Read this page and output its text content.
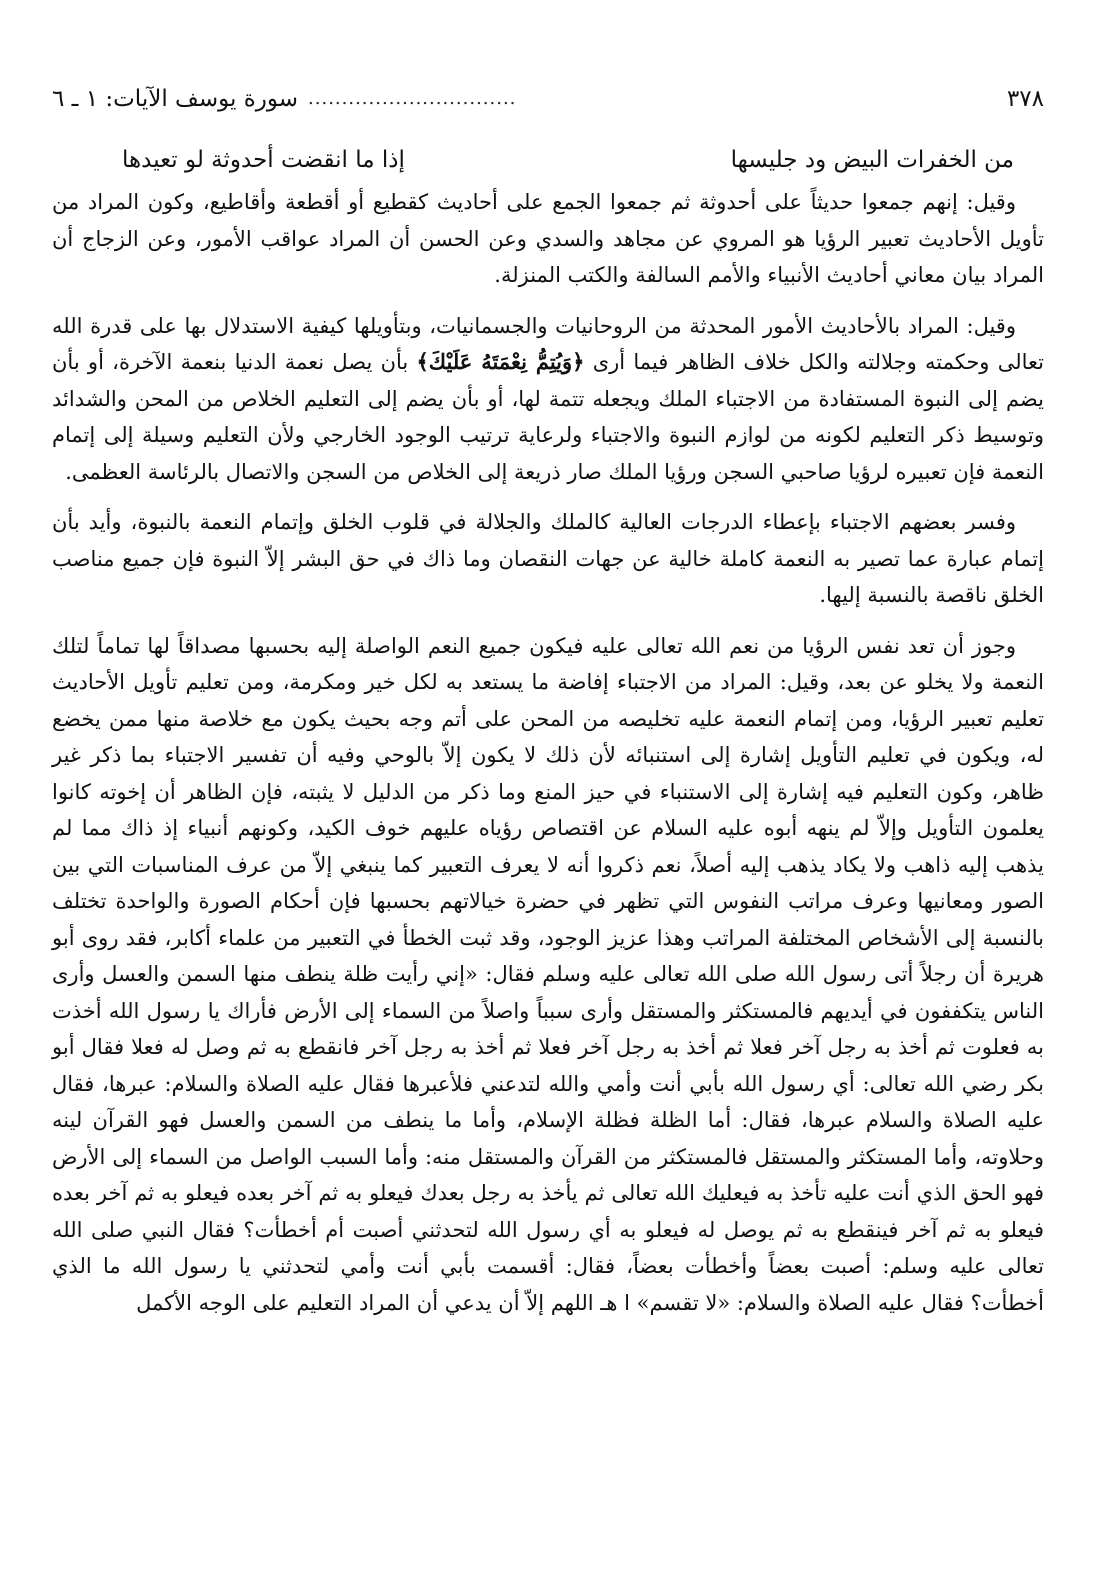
٣٧٨
...............................
سورة يوسف الآيات: ١ ـ ٦
من الخفرات البيض ود جليسها
إذا ما انقضت أحدوثة لو تعيدها

وقيل: إنهم جمعوا حديثاً على أحدوثة ثم جمعوا الجمع على أحاديث كقطيع أو أقطعة وأقاطيع، وكون المراد من تأويل الأحاديث تعبير الرؤيا هو المروي عن مجاهد والسدي وعن الحسن أن المراد عواقب الأمور، وعن الزجاج أن المراد بيان معاني أحاديث الأنبياء والأمم السالفة والكتب المنزلة.

وقيل: المراد بالأحاديث الأمور المحدثة من الروحانيات والجسمانيات، وبتأويلها كيفية الاستدلال بها على قدرة الله تعالى وحكمته وجلالته والكل خلاف الظاهر فيما أرى ﴿وَيُتِمُّ نِعْمَتَهُ عَلَيْكَ﴾ بأن يصل نعمة الدنيا بنعمة الآخرة، أو بأن يضم إلى النبوة المستفادة من الاجتباء الملك ويجعله تتمة لها، أو بأن يضم إلى التعليم الخلاص من المحن والشدائد وتوسيط ذكر التعليم لكونه من لوازم النبوة والاجتباء ولرعاية ترتيب الوجود الخارجي ولأن التعليم وسيلة إلى إتمام النعمة فإن تعبيره لرؤيا صاحبي السجن ورؤيا الملك صار ذريعة إلى الخلاص من السجن والاتصال بالرئاسة العظمى.

وفسر بعضهم الاجتباء بإعطاء الدرجات العالية كالملك والجلالة في قلوب الخلق وإتمام النعمة بالنبوة، وأيد بأن إتمام عبارة عما تصير به النعمة كاملة خالية عن جهات النقصان وما ذاك في حق البشر إلاّ النبوة فإن جميع مناصب الخلق ناقصة بالنسبة إليها.

وجوز أن تعد نفس الرؤيا من نعم الله تعالى عليه فيكون جميع النعم الواصلة إليه بحسبها مصداقاً لها تماماً لتلك النعمة ولا يخلو عن بعد، وقيل: المراد من الاجتباء إفاضة ما يستعد به لكل خير ومكرمة، ومن تعليم تأويل الأحاديث تعليم تعبير الرؤيا، ومن إتمام النعمة عليه تخليصه من المحن على أتم وجه بحيث يكون مع خلاصة منها ممن يخضع له، ويكون في تعليم التأويل إشارة إلى استنبائه لأن ذلك لا يكون إلاّ بالوحي وفيه أن تفسير الاجتباء بما ذكر غير ظاهر، وكون التعليم فيه إشارة إلى الاستنباء في حيز المنع وما ذكر من الدليل لا يثبته، فإن الظاهر أن إخوته كانوا يعلمون التأويل وإلاّ لم ينهه أبوه عليه السلام عن اقتصاص رؤياه عليهم خوف الكيد، وكونهم أنبياء إذ ذاك مما لم يذهب إليه ذاهب ولا يكاد يذهب إليه أصلاً، نعم ذكروا أنه لا يعرف التعبير كما ينبغي إلاّ من عرف المناسبات التي بين الصور ومعانيها وعرف مراتب النفوس التي تظهر في حضرة خيالاتهم بحسبها فإن أحكام الصورة والواحدة تختلف بالنسبة إلى الأشخاص المختلفة المراتب وهذا عزيز الوجود، وقد ثبت الخطأ في التعبير من علماء أكابر، فقد روى أبو هريرة أن رجلاً أتى رسول الله صلى الله تعالى عليه وسلم فقال: «إني رأيت ظلة ينطف منها السمن والعسل وأرى الناس يتكففون في أيديهم فالمستكثر والمستقل وأرى سبباً واصلاً من السماء إلى الأرض فأراك يا رسول الله أخذت به فعلوت ثم أخذ به رجل آخر فعلا ثم أخذ به رجل آخر فعلا ثم أخذ به رجل آخر فانقطع به ثم وصل له فعلا فقال أبو بكر رضي الله تعالى: أي رسول الله بأبي أنت وأمي والله لتدعني فلأعبرها فقال عليه الصلاة والسلام: عبرها، فقال عليه الصلاة والسلام عبرها، فقال: أما الظلة فظلة الإسلام، وأما ما ينطف من السمن والعسل فهو القرآن لينه وحلاوته، وأما المستكثر والمستقل فالمستكثر من القرآن والمستقل منه: وأما السبب الواصل من السماء إلى الأرض فهو الحق الذي أنت عليه تأخذ به فيعليك الله تعالى ثم يأخذ به رجل بعدك فيعلو به ثم آخر بعده فيعلو به ثم آخر بعده فيعلو به ثم آخر فينقطع به ثم يوصل له فيعلو به أي رسول الله لتحدثني أصبت أم أخطأت؟ فقال النبي صلى الله تعالى عليه وسلم: أصبت بعضاً وأخطأت بعضاً، فقال: أقسمت بأبي أنت وأمي لتحدثني يا رسول الله ما الذي أخطأت؟ فقال عليه الصلاة والسلام: «لا تقسم» ا هـ اللهم إلاّ أن يدعي أن المراد التعليم على الوجه الأكمل
